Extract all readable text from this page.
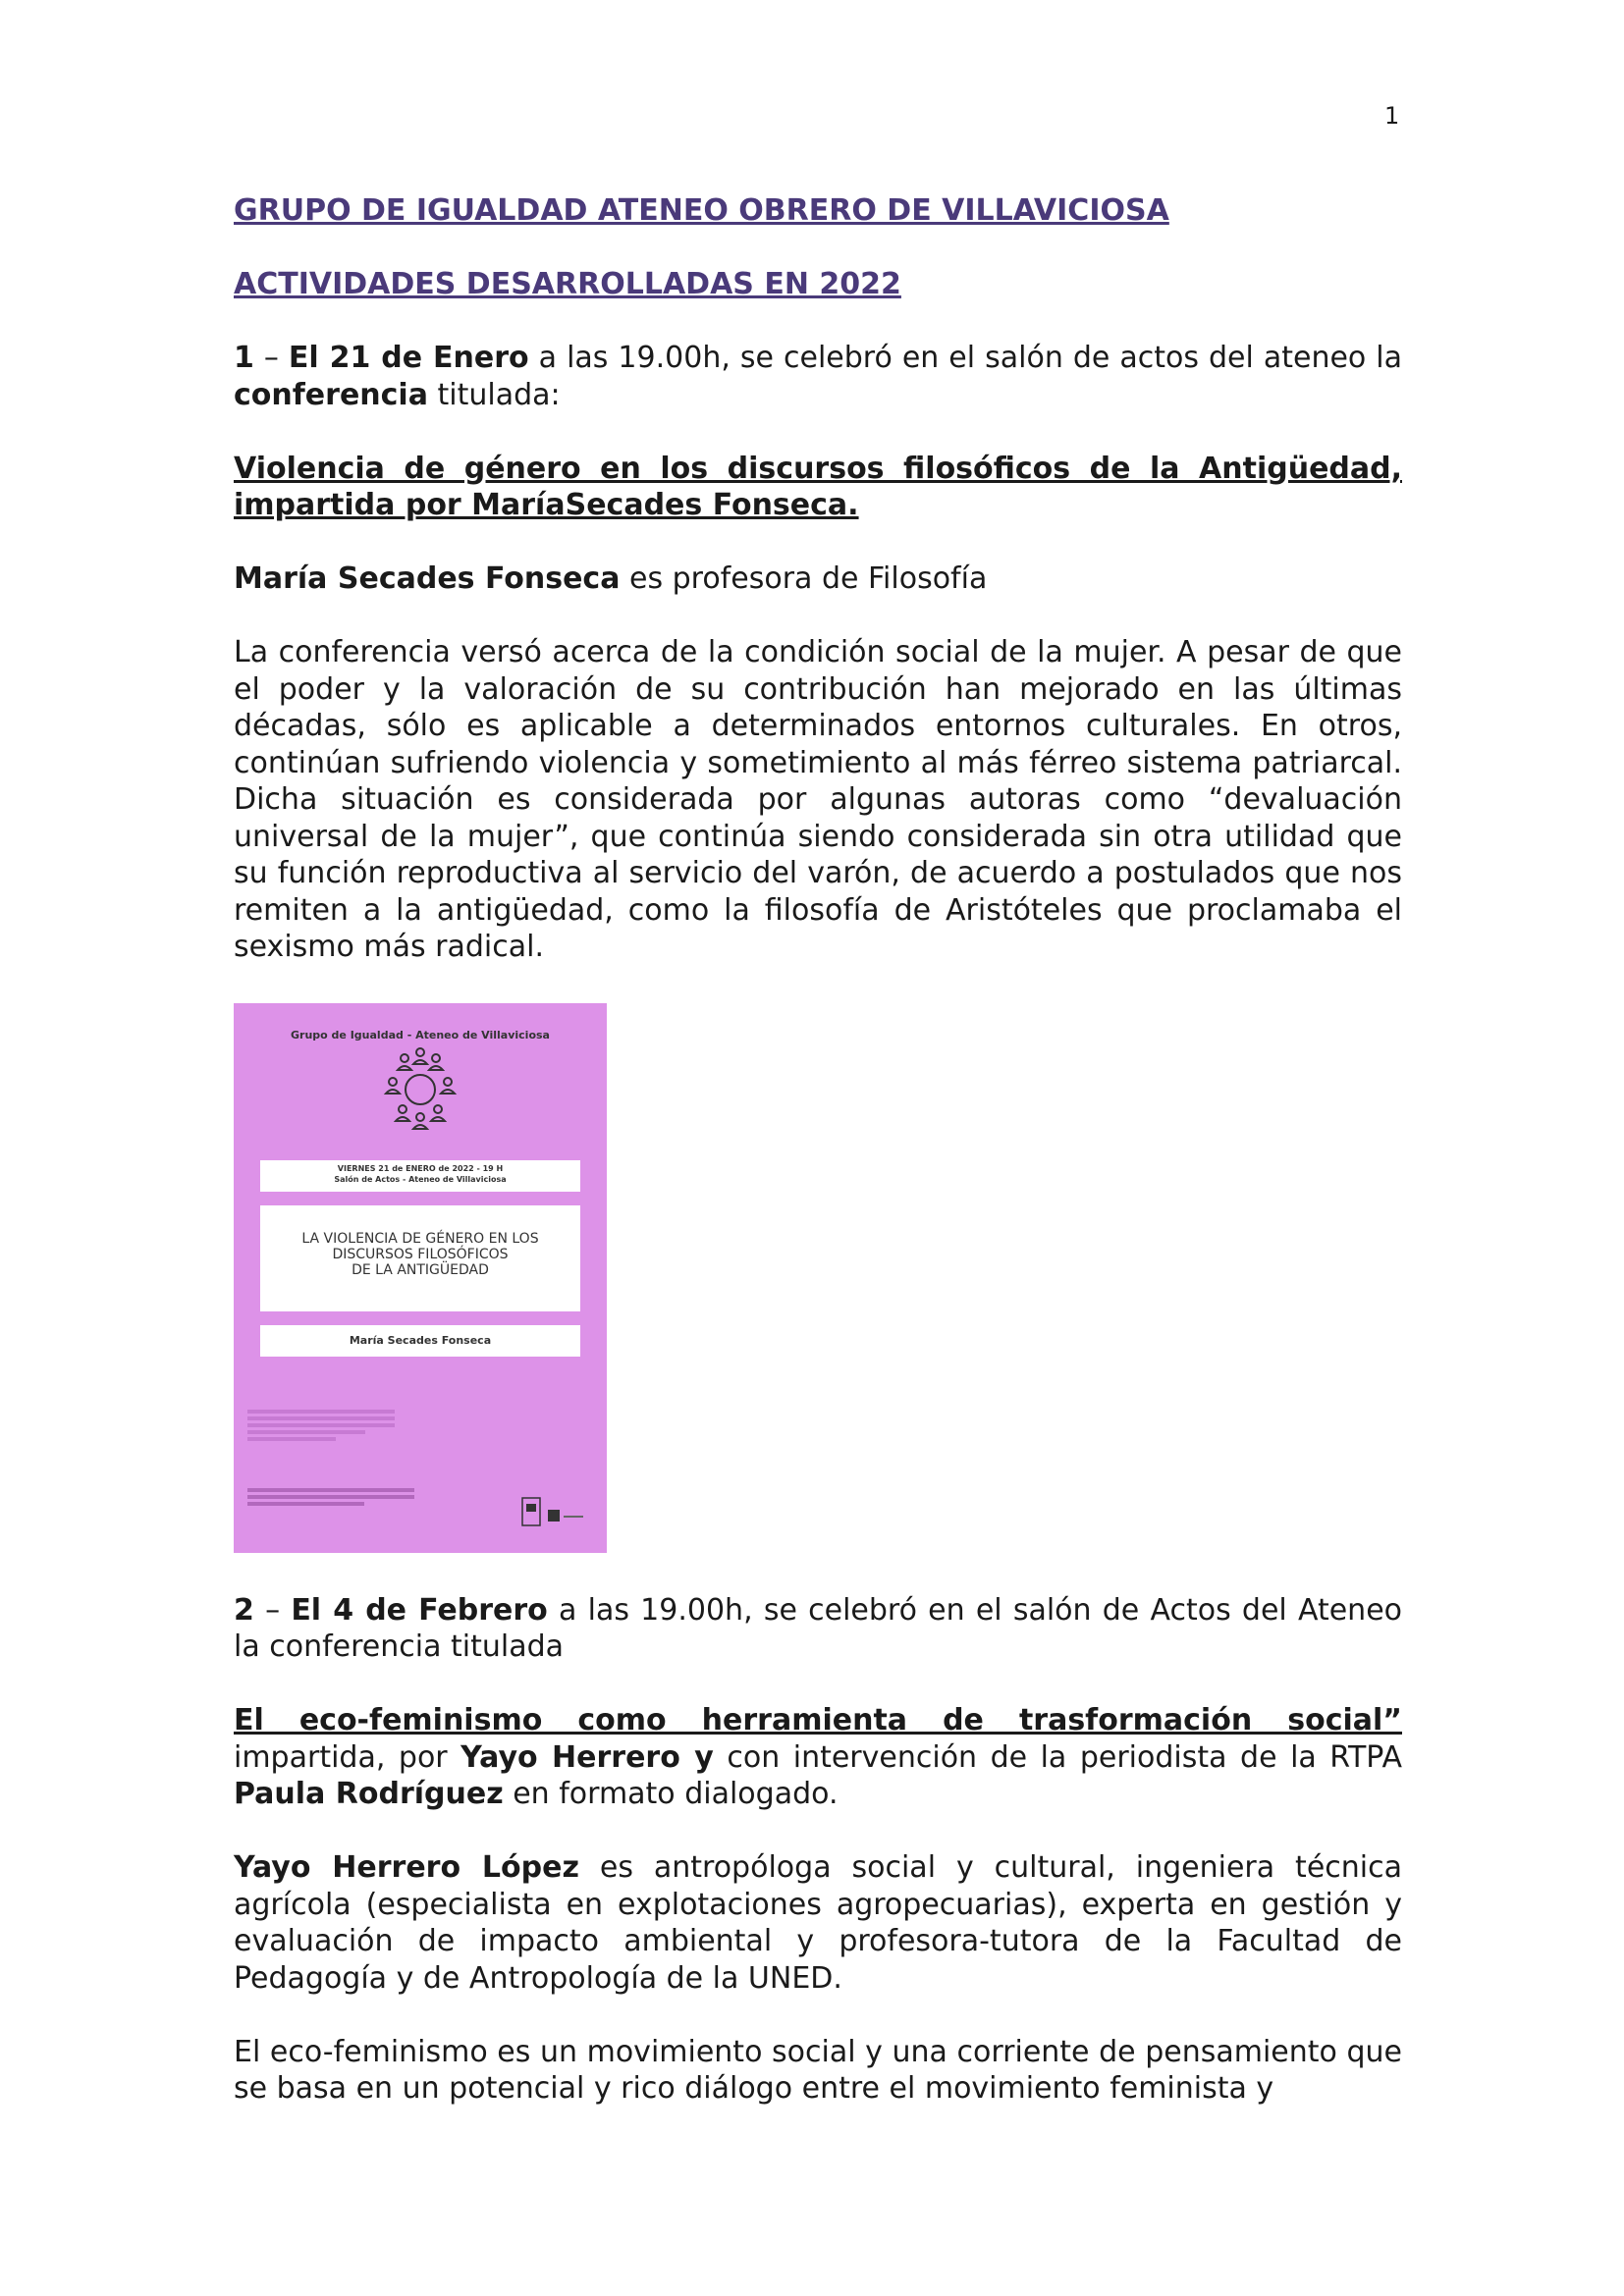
1

GRUPO DE IGUALDAD ATENEO OBRERO DE VILLAVICIOSA

ACTIVIDADES DESARROLLADAS EN 2022

1 – El 21 de Enero a las 19.00h, se celebró en el salón de actos del ateneo la conferencia titulada:

Violencia de género en los discursos filosóficos de la Antigüedad, impartida por MaríaSecades Fonseca.

María Secades Fonseca es profesora de Filosofía

La conferencia versó acerca de la condición social de la mujer. A pesar de que el poder y la valoración de su contribución han mejorado en las últimas décadas, sólo es aplicable a determinados entornos culturales. En otros, continúan sufriendo violencia y sometimiento al más férreo sistema patriarcal. Dicha situación es considerada por algunas autoras como “devaluación universal de la mujer”, que continúa siendo considerada sin otra utilidad que su función reproductiva al servicio del varón, de acuerdo a postulados que nos remiten a la antigüedad, como la filosofía de Aristóteles que proclamaba el sexismo más radical.

Grupo de Igualdad - Ateneo de Villaviciosa
VIERNES 21 de ENERO de 2022 - 19 H
Salón de Actos - Ateneo de Villaviciosa
LA VIOLENCIA DE GÉNERO EN LOS
DISCURSOS FILOSÓFICOS
DE LA ANTIGÜEDAD
María Secades Fonseca

2 – El 4 de Febrero a las 19.00h, se celebró en el salón de Actos del Ateneo la conferencia titulada

El eco-feminismo como herramienta de trasformación social” impartida, por Yayo Herrero y con intervención de la periodista de la RTPA Paula Rodríguez en formato dialogado.

Yayo Herrero López es antropóloga social y cultural, ingeniera técnica agrícola (especialista en explotaciones agropecuarias), experta en gestión y evaluación de impacto ambiental y profesora-tutora de la Facultad de Pedagogía y de Antropología de la UNED.

El eco-feminismo es un movimiento social y una corriente de pensamiento que se basa en un potencial y rico diálogo entre el movimiento feminista y
